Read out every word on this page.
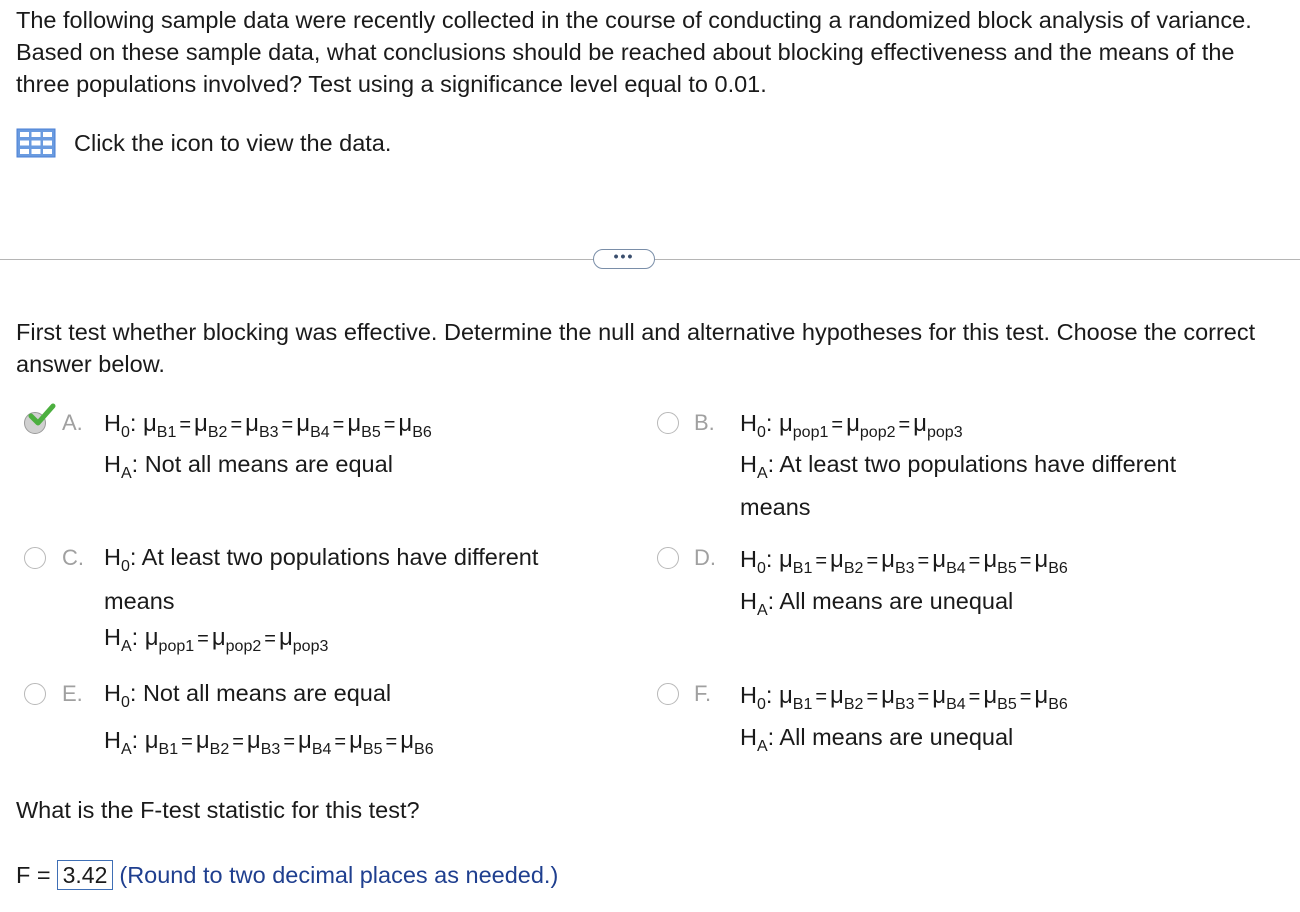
The following sample data were recently collected in the course of conducting a randomized block analysis of variance. Based on these sample data, what conclusions should be reached about blocking effectiveness and the means of the three populations involved? Test using a significance level equal to 0.01.
Click the icon to view the data.
•••
First test whether blocking was effective. Determine the null and alternative hypotheses for this test. Choose the correct answer below.
A. $H_0$: $\mu_{B1} = \mu_{B2} = \mu_{B3} = \mu_{B4} = \mu_{B5} = \mu_{B6}$
$H_A$: Not all means are equal
B. $H_0$: $\mu_{pop1} = \mu_{pop2} = \mu_{pop3}$
$H_A$: At least two populations have different
means
C. $H_0$: At least two populations have different
means
$H_A$: $\mu_{pop1} = \mu_{pop2} = \mu_{pop3}$
D. $H_0$: $\mu_{B1} = \mu_{B2} = \mu_{B3} = \mu_{B4} = \mu_{B5} = \mu_{B6}$
$H_A$: All means are unequal
E. $H_0$: Not all means are equal
$H_A$: $\mu_{B1} = \mu_{B2} = \mu_{B3} = \mu_{B4} = \mu_{B5} = \mu_{B6}$
F. $H_0$: $\mu_{B1} = \mu_{B2} = \mu_{B3} = \mu_{B4} = \mu_{B5} = \mu_{B6}$
$H_A$: All means are unequal
What is the F-test statistic for this test?
F = 3.42 (Round to two decimal places as needed.)
